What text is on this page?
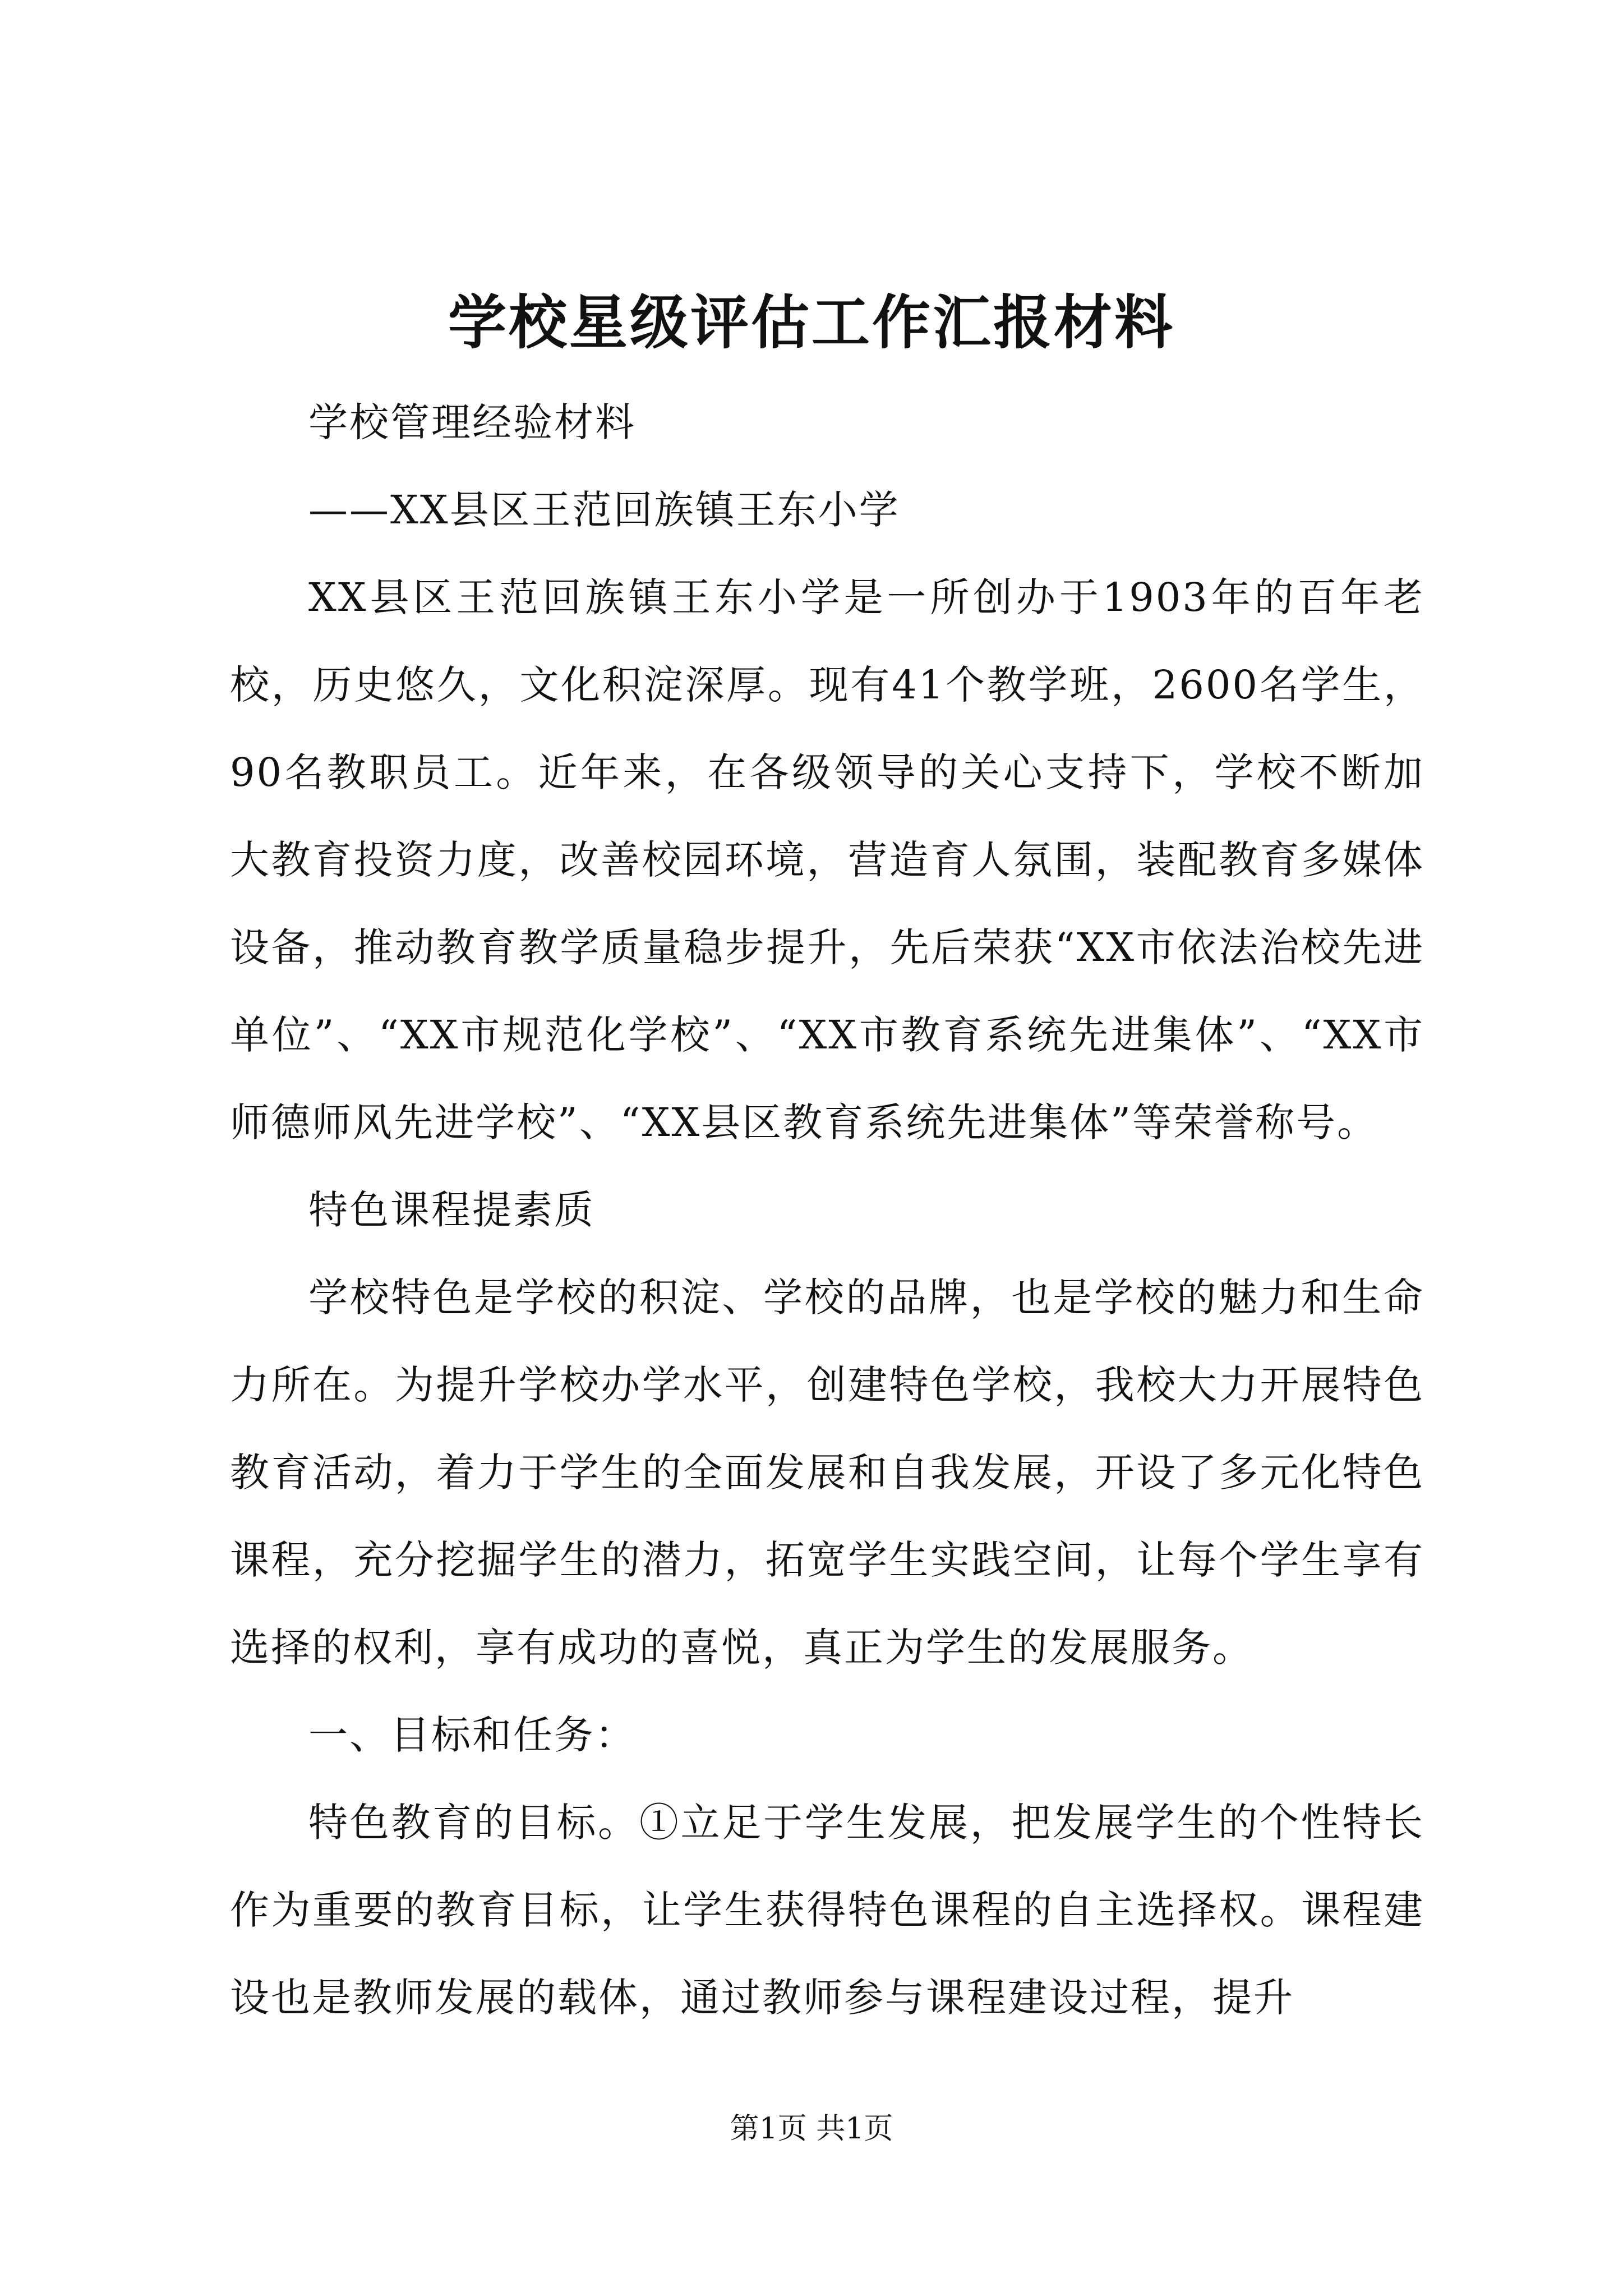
学校星级评估工作汇报材料

学校管理经验材料

——XX县区王范回族镇王东小学

XX县区王范回族镇王东小学是一所创办于1903年的百年老校，历史悠久，文化积淀深厚。现有41个教学班，2600名学生，90名教职员工。近年来，在各级领导的关心支持下，学校不断加大教育投资力度，改善校园环境，营造育人氛围，装配教育多媒体设备，推动教育教学质量稳步提升，先后荣获“XX市依法治校先进单位”、“XX市规范化学校”、“XX市教育系统先进集体”、“XX市师德师风先进学校”、“XX县区教育系统先进集体”等荣誉称号。

特色课程提素质

学校特色是学校的积淀、学校的品牌，也是学校的魅力和生命力所在。为提升学校办学水平，创建特色学校，我校大力开展特色教育活动，着力于学生的全面发展和自我发展，开设了多元化特色课程，充分挖掘学生的潜力，拓宽学生实践空间，让每个学生享有选择的权利，享有成功的喜悦，真正为学生的发展服务。

一、目标和任务：

特色教育的目标。①立足于学生发展，把发展学生的个性特长作为重要的教育目标，让学生获得特色课程的自主选择权。课程建设也是教师发展的载体，通过教师参与课程建设过程，提升

第1页 共1页
